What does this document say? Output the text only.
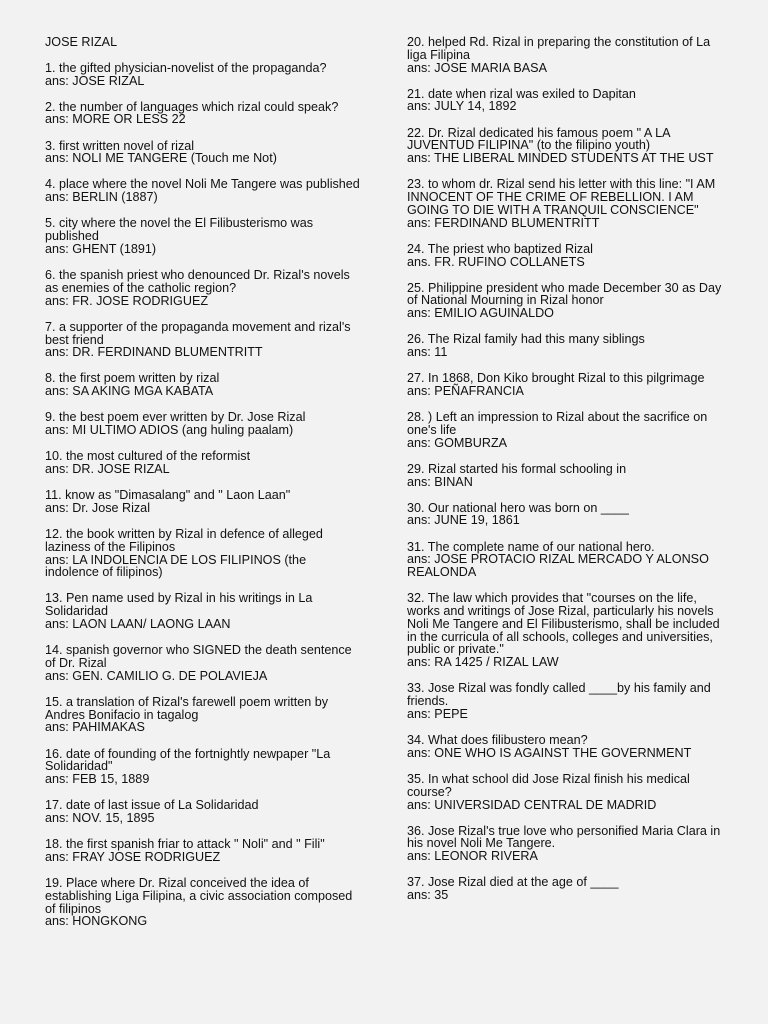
JOSE RIZAL
1. the gifted physician-novelist of the propaganda?
ans: JOSE RIZAL
2. the number of languages which rizal could speak?
ans: MORE OR LESS 22
3. first written novel of rizal
ans: NOLI ME TANGERE (Touch me Not)
4. place where the novel Noli Me Tangere was published
ans: BERLIN (1887)
5. city where the novel the El Filibusterismo was published
ans: GHENT (1891)
6. the spanish priest who denounced Dr. Rizal's novels as enemies of the catholic region?
ans: FR. JOSE RODRIGUEZ
7. a supporter of the propaganda movement and rizal's best friend
ans: DR. FERDINAND BLUMENTRITT
8. the first poem written by rizal
ans: SA AKING MGA KABATA
9. the best poem ever written by Dr. Jose Rizal
ans: MI ULTIMO ADIOS (ang huling paalam)
10. the most cultured of the reformist
ans: DR. JOSE RIZAL
11. know as "Dimasalang" and " Laon Laan"
ans: Dr. Jose Rizal
12. the book written by Rizal in defence of alleged laziness of the Filipinos
ans: LA INDOLENCIA DE LOS FILIPINOS (the indolence of filipinos)
13. Pen name used by Rizal in his writings in La Solidaridad
ans: LAON LAAN/ LAONG LAAN
14. spanish governor who SIGNED the death sentence of Dr. Rizal
ans: GEN. CAMILIO G. DE POLAVIEJA
15. a translation of Rizal's farewell poem written by Andres Bonifacio in tagalog
ans: PAHIMAKAS
16. date of founding of the fortnightly newpaper "La Solidaridad"
ans: FEB 15, 1889
17. date of last issue of La Solidaridad
ans: NOV. 15, 1895
18. the first spanish friar to attack " Noli" and " Fili"
ans: FRAY JOSE RODRIGUEZ
19. Place where Dr. Rizal conceived the idea of establishing Liga Filipina, a civic association composed of filipinos
ans: HONGKONG
20. helped Rd. Rizal in preparing the constitution of La liga Filipina
ans: JOSE MARIA BASA
21. date when rizal was exiled to Dapitan
ans: JULY 14, 1892
22. Dr. Rizal dedicated his famous poem " A LA JUVENTUD FILIPINA" (to the filipino youth)
ans: THE LIBERAL MINDED STUDENTS AT THE UST
23. to whom dr. Rizal send his letter with this line: "I AM INNOCENT OF THE CRIME OF REBELLION. I AM GOING TO DIE WITH A TRANQUIL CONSCIENCE"
ans: FERDINAND BLUMENTRITT
24. The priest who baptized Rizal
ans. FR. RUFINO COLLANETS
25. Philippine president who made December 30 as Day of National Mourning in Rizal honor
ans: EMILIO AGUINALDO
26. The Rizal family had this many siblings
ans: 11
27. In 1868, Don Kiko brought Rizal to this pilgrimage
ans: PEÑAFRANCIA
28. ) Left an impression to Rizal about the sacrifice on one's life
ans: GOMBURZA
29. Rizal started his formal schooling in
ans: BINAN
30. Our national hero was born on ____
ans: JUNE 19, 1861
31. The complete name of our national hero.
ans: JOSE PROTACIO RIZAL MERCADO Y ALONSO REALONDA
32. The law which provides that "courses on the life, works and writings of Jose Rizal, particularly his novels Noli Me Tangere and El Filibusterismo, shall be included in the curricula of all schools, colleges and universities, public or private."
ans: RA 1425 / RIZAL LAW
33. Jose Rizal was fondly called ____by his family and friends.
ans: PEPE
34. What does filibustero mean?
ans: ONE WHO IS AGAINST THE GOVERNMENT
35. In what school did Jose Rizal finish his medical course?
ans: UNIVERSIDAD CENTRAL DE MADRID
36. Jose Rizal's true love who personified Maria Clara in his novel Noli Me Tangere.
ans: LEONOR RIVERA
37. Jose Rizal died at the age of ____
ans: 35
